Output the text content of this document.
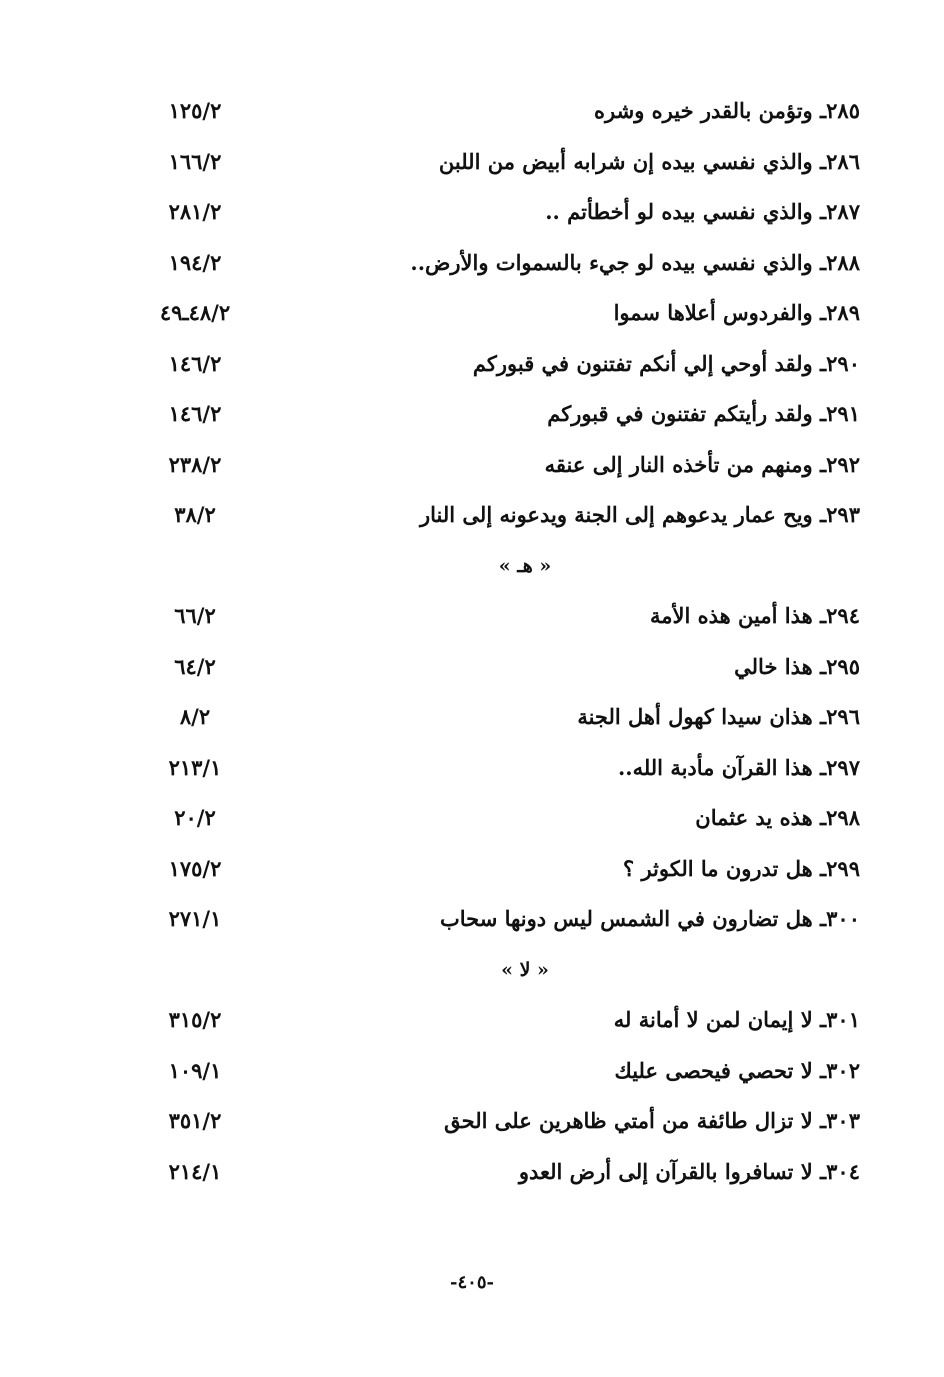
٢٨٥ـ وتؤمن بالقدر خيره وشره
١٢٥/٢
٢٨٦ـ والذي نفسي بيده إن شرابه أبيض من اللبن
١٦٦/٢
٢٨٧ـ والذي نفسي بيده لو أخطأتم ..
٢٨١/٢
٢٨٨ـ والذي نفسي بيده لو جيء بالسموات والأرض..
١٩٤/٢
٢٨٩ـ والفردوس أعلاها سموا
٤٨/٢ـ٤٩
٢٩٠ـ ولقد أوحي إلي أنكم تفتنون في قبوركم
١٤٦/٢
٢٩١ـ ولقد رأيتكم تفتنون في قبوركم
١٤٦/٢
٢٩٢ـ ومنهم من تأخذه النار إلى عنقه
٢٣٨/٢
٢٩٣ـ ويح عمار يدعوهم إلى الجنة ويدعونه إلى النار
٣٨/٢
« هـ »
٢٩٤ـ هذا أمين هذه الأمة
٦٦/٢
٢٩٥ـ هذا خالي
٦٤/٢
٢٩٦ـ هذان سيدا كهول أهل الجنة
٨/٢
٢٩٧ـ هذا القرآن مأدبة الله..
٢١٣/١
٢٩٨ـ هذه يد عثمان
٢٠/٢
٢٩٩ـ هل تدرون ما الكوثر ؟
١٧٥/٢
٣٠٠ـ هل تضارون في الشمس ليس دونها سحاب
٢٧١/١
« لا »
٣٠١ـ لا إيمان لمن لا أمانة له
٣١٥/٢
٣٠٢ـ لا تحصي فيحصى عليك
١٠٩/١
٣٠٣ـ لا تزال طائفة من أمتي ظاهرين على الحق
٣٥١/٢
٣٠٤ـ لا تسافروا بالقرآن إلى أرض العدو
٢١٤/١
-٤٠٥-
